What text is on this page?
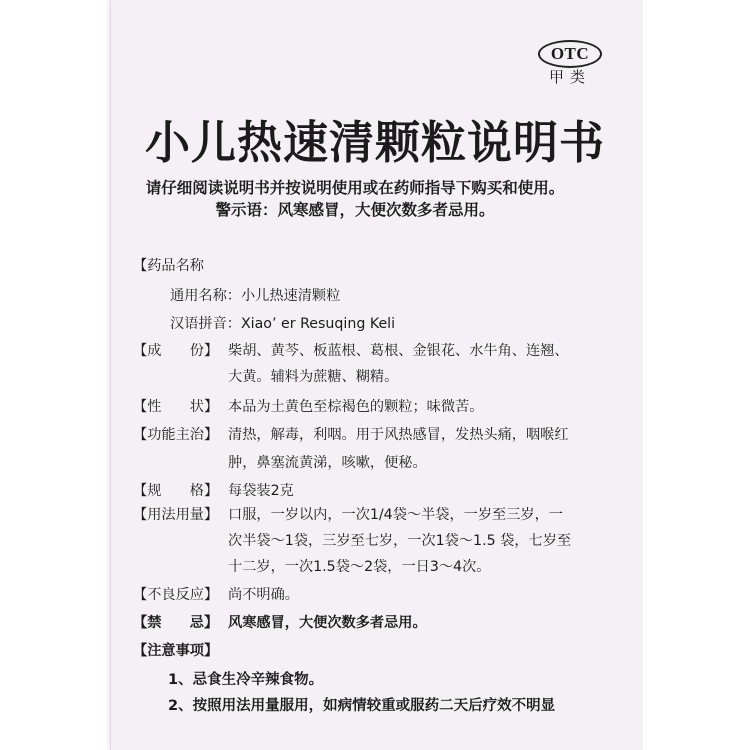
OTC
甲类
小儿热速清颗粒说明书
请仔细阅读说明书并按说明使用或在药师指导下购买和使用。
警示语：风寒感冒，大便次数多者忌用。
【药品名称
通用名称：小儿热速清颗粒
汉语拼音：Xiao’ er Resuqing Keli
【成　　份】 柴胡、黄芩、板蓝根、葛根、金银花、水牛角、连翘、
大黄。辅料为蔗糖、糊精。
【性　　状】 本品为土黄色至棕褐色的颗粒；味微苦。
【功能主治】 清热，解毒，利咽。用于风热感冒，发热头痛，咽喉红
肿，鼻塞流黄涕，咳嗽，便秘。
【规　　格】 每袋装2克
【用法用量】 口服，一岁以内，一次1/4袋～半袋，一岁至三岁，一
次半袋～1袋，三岁至七岁，一次1袋～1.5 袋，七岁至
十二岁，一次1.5袋～2袋，一日3～4次。
【不良反应】 尚不明确。
【禁　　忌】 风寒感冒，大便次数多者忌用。
【注意事项】
1、忌食生冷辛辣食物。
2、按照用法用量服用，如病情较重或服药二天后疗效不明显
